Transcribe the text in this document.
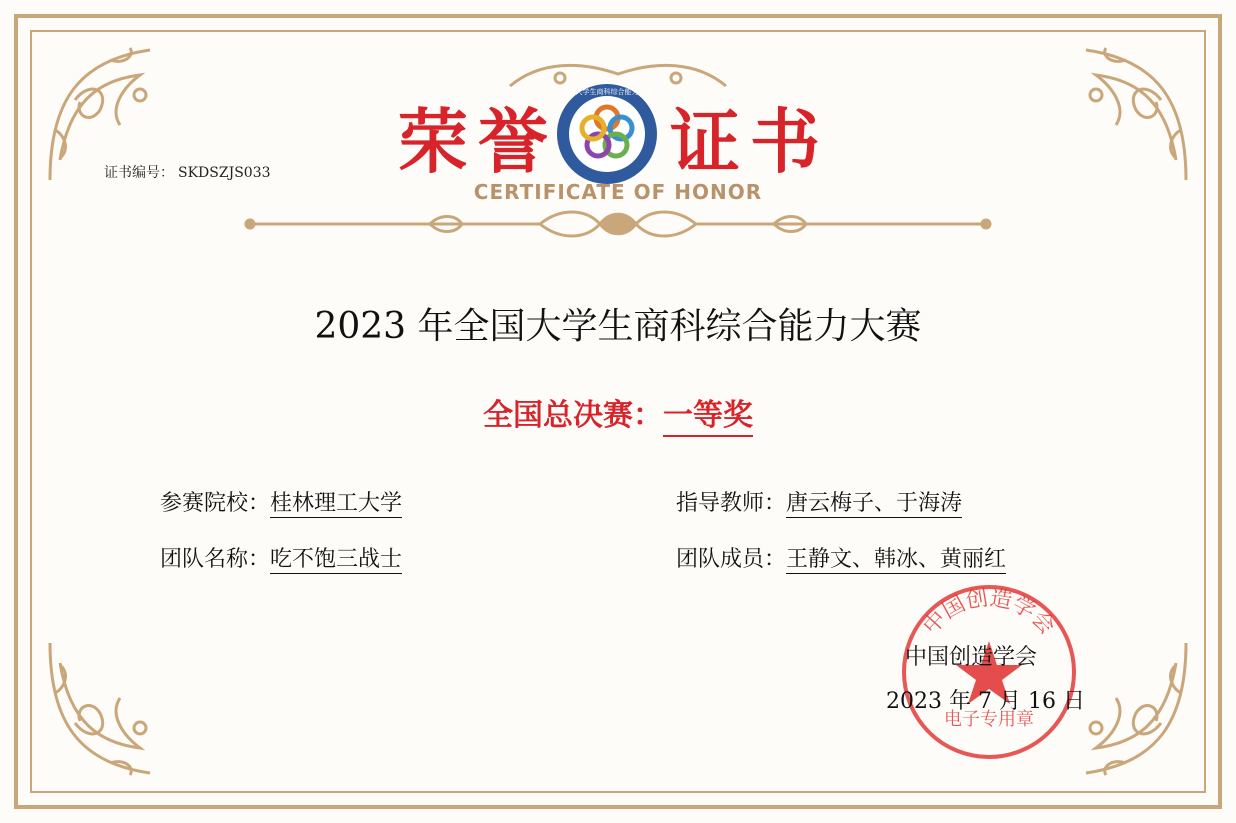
荣 誉 证 书
全国大学生商科综合能力大赛
CERTIFICATE OF HONOR
证书编号： SKDSZJS033
2023 年全国大学生商科综合能力大赛
全国总决赛：一等奖
参赛院校：桂林理工大学
团队名称：吃不饱三战士
指导教师：唐云梅子、于海涛
团队成员：王静文、韩冰、黄丽红
中国创造学会
电子专用章
中国创造学会
2023 年 7 月 16 日
